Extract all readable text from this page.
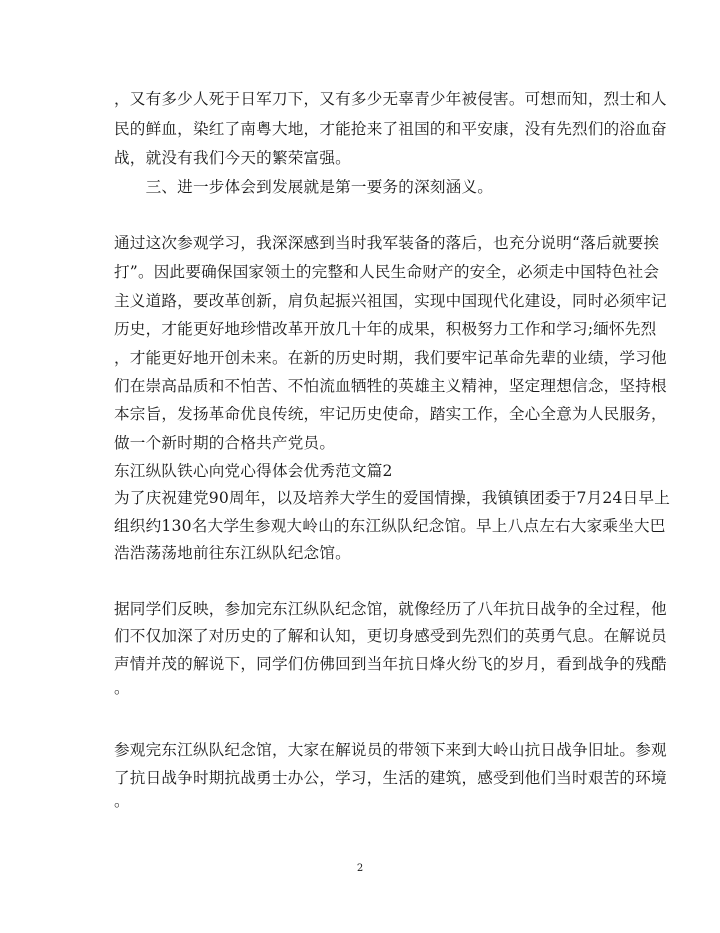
，又有多少人死于日军刀下，又有多少无辜青少年被侵害。可想而知，烈士和人
民的鲜血，染红了南粤大地，才能抢来了祖国的和平安康，没有先烈们的浴血奋
战，就没有我们今天的繁荣富强。
　　三、进一步体会到发展就是第一要务的深刻涵义。
通过这次参观学习，我深深感到当时我军装备的落后，也充分说明“落后就要挨
打”。因此要确保国家领土的完整和人民生命财产的安全，必须走中国特色社会
主义道路，要改革创新，肩负起振兴祖国，实现中国现代化建设，同时必须牢记
历史，才能更好地珍惜改革开放几十年的成果，积极努力工作和学习;缅怀先烈
，才能更好地开创未来。在新的历史时期，我们要牢记革命先辈的业绩，学习他
们在崇高品质和不怕苦、不怕流血牺牲的英雄主义精神，坚定理想信念，坚持根
本宗旨，发扬革命优良传统，牢记历史使命，踏实工作，全心全意为人民服务，
做一个新时期的合格共产党员。
东江纵队铁心向党心得体会优秀范文篇2
为了庆祝建党90周年，以及培养大学生的爱国情操，我镇镇团委于7月24日早上
组织约130名大学生参观大岭山的东江纵队纪念馆。早上八点左右大家乘坐大巴
浩浩荡荡地前往东江纵队纪念馆。
据同学们反映，参加完东江纵队纪念馆，就像经历了八年抗日战争的全过程，他
们不仅加深了对历史的了解和认知，更切身感受到先烈们的英勇气息。在解说员
声情并茂的解说下，同学们仿佛回到当年抗日烽火纷飞的岁月，看到战争的残酷
。
参观完东江纵队纪念馆，大家在解说员的带领下来到大岭山抗日战争旧址。参观
了抗日战争时期抗战勇士办公，学习，生活的建筑，感受到他们当时艰苦的环境
。
2
